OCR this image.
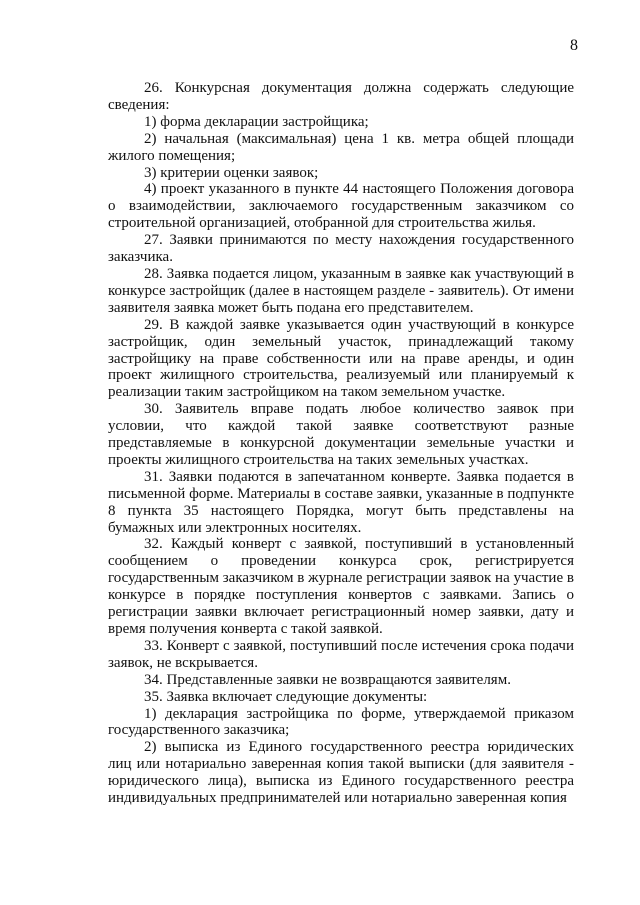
8

26. Конкурсная документация должна содержать следующие сведения:

1) форма декларации застройщика;

2) начальная (максимальная) цена 1 кв. метра общей площади жилого помещения;

3) критерии оценки заявок;

4) проект указанного в пункте 44 настоящего Положения договора о взаимодействии, заключаемого государственным заказчиком со строительной организацией, отобранной для строительства жилья.

27. Заявки принимаются по месту нахождения государственного заказчика.

28. Заявка подается лицом, указанным в заявке как участвующий в конкурсе застройщик (далее в настоящем разделе - заявитель). От имени заявителя заявка может быть подана его представителем.

29. В каждой заявке указывается один участвующий в конкурсе застройщик, один земельный участок, принадлежащий такому застройщику на праве собственности или на праве аренды, и один проект жилищного строительства, реализуемый или планируемый к реализации таким застройщиком на таком земельном участке.

30. Заявитель вправе подать любое количество заявок при условии, что каждой такой заявке соответствуют разные представляемые в конкурсной документации земельные участки и проекты жилищного строительства на таких земельных участках.

31. Заявки подаются в запечатанном конверте. Заявка подается в письменной форме. Материалы в составе заявки, указанные в подпункте 8 пункта 35 настоящего Порядка, могут быть представлены на бумажных или электронных носителях.

32. Каждый конверт с заявкой, поступивший в установленный сообщением о проведении конкурса срок, регистрируется государственным заказчиком в журнале регистрации заявок на участие в конкурсе в порядке поступления конвертов с заявками. Запись о регистрации заявки включает регистрационный номер заявки, дату и время получения конверта с такой заявкой.

33. Конверт с заявкой, поступивший после истечения срока подачи заявок, не вскрывается.

34. Представленные заявки не возвращаются заявителям.

35. Заявка включает следующие документы:

1) декларация застройщика по форме, утверждаемой приказом государственного заказчика;

2) выписка из Единого государственного реестра юридических лиц или нотариально заверенная копия такой выписки (для заявителя - юридического лица), выписка из Единого государственного реестра индивидуальных предпринимателей или нотариально заверенная копия
